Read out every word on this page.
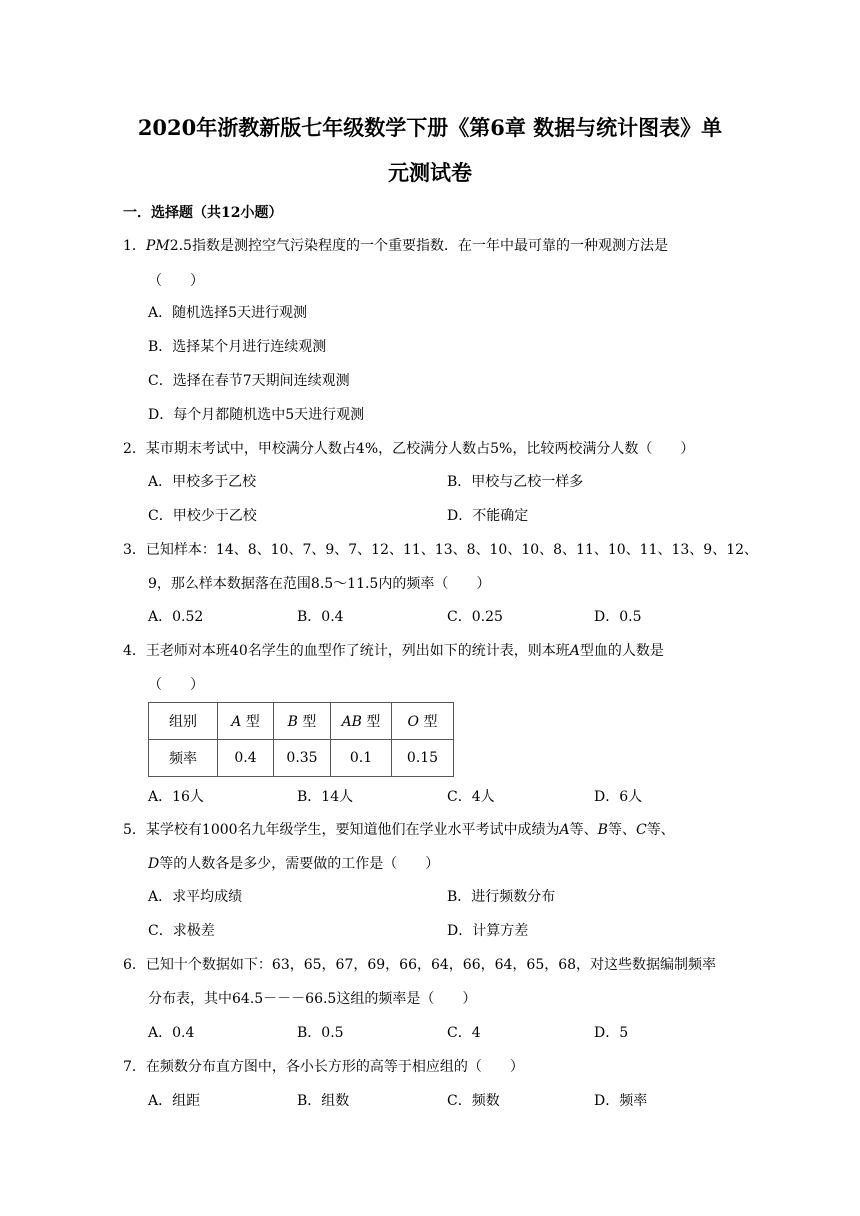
2020年浙教新版七年级数学下册《第6章 数据与统计图表》单
元测试卷
一．选择题（共12小题）
1．PM2.5指数是测控空气污染程度的一个重要指数．在一年中最可靠的一种观测方法是
（　　）
A．随机选择5天进行观测
B．选择某个月进行连续观测
C．选择在春节7天期间连续观测
D．每个月都随机选中5天进行观测
2．某市期末考试中，甲校满分人数占4%，乙校满分人数占5%，比较两校满分人数（　　）
A．甲校多于乙校	B．甲校与乙校一样多
C．甲校少于乙校	D．不能确定
3．已知样本：14、8、10、7、9、7、12、11、13、8、10、10、8、11、10、11、13、9、12、
9，那么样本数据落在范围8.5～11.5内的频率（　　）
A．0.52	B．0.4	C．0.25	D．0.5
4．王老师对本班40名学生的血型作了统计，列出如下的统计表，则本班A型血的人数是
（　　）
组别	A 型	B 型	AB 型	O 型
频率	0.4	0.35	0.1	0.15
A．16人	B．14人	C．4人	D．6人
5．某学校有1000名九年级学生，要知道他们在学业水平考试中成绩为A等、B等、C等、
D等的人数各是多少，需要做的工作是（　　）
A．求平均成绩	B．进行频数分布
C．求极差	D．计算方差
6．已知十个数据如下：63，65，67，69，66，64，66，64，65，68，对这些数据编制频率
分布表，其中64.5－－－66.5这组的频率是（　　）
A．0.4	B．0.5	C．4	D．5
7．在频数分布直方图中，各小长方形的高等于相应组的（　　）
A．组距	B．组数	C．频数	D．频率
